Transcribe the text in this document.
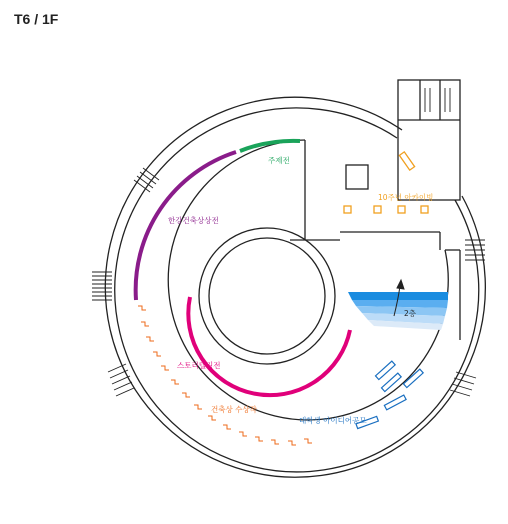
T6 / 1F
주제전
한강건축상상전
스토리텔링전
건축상 수상작
10주년 아카이빙
대학생 아이디어공모
2층
